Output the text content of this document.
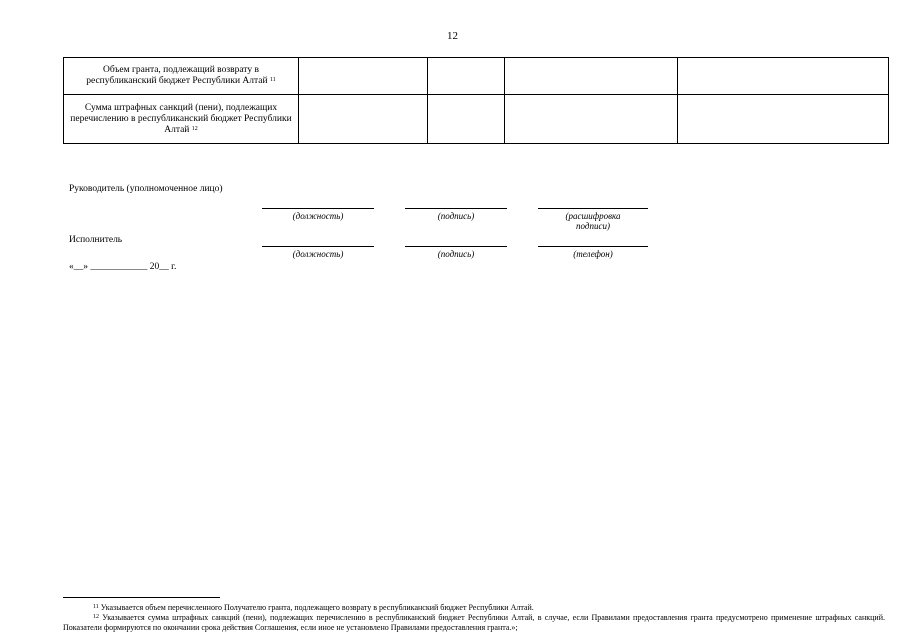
12
Объем гранта, подлежащий возврату в республиканский бюджет Республики Алтай $^{11}$				
Сумма штрафных санкций (пени), подлежащих перечислению в республиканский бюджет Республики Алтай $^{12}$				
Руководитель (уполномоченное лицо)
(должность)	(подпись)	(расшифровка подписи)
Исполнитель
(должность)	(подпись)	(телефон)
«__» ____________ 20__ г.
$^{11}$ Указывается объем перечисленного Получателю гранта, подлежащего возврату в республиканский бюджет Республики Алтай.
$^{12}$ Указывается сумма штрафных санкций (пени), подлежащих перечислению в республиканский бюджет Республики Алтай, в случае, если Правилами предоставления гранта предусмотрено применение штрафных санкций. Показатели формируются по окончании срока действия Соглашения, если иное не установлено Правилами предоставления гранта.»;
